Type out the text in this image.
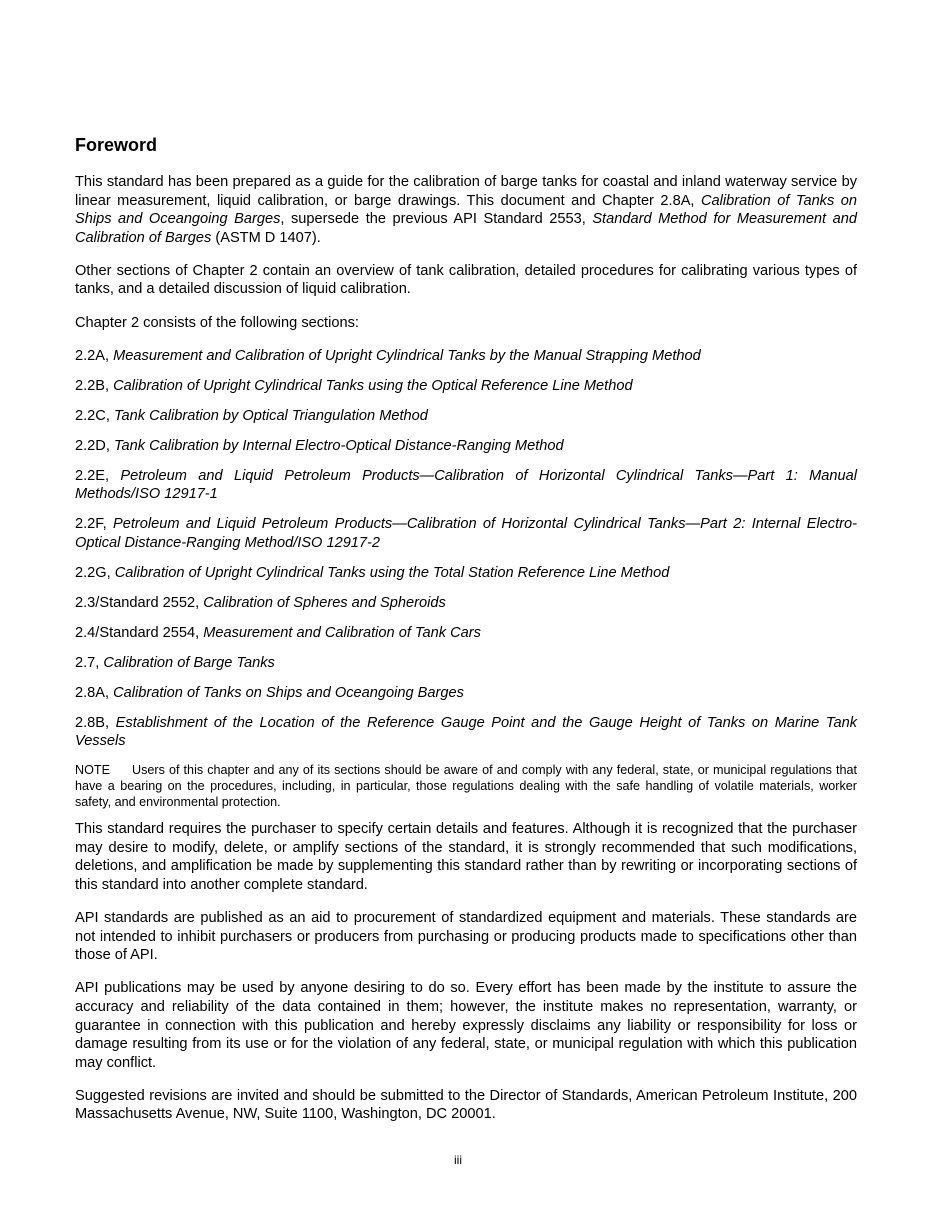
Foreword

This standard has been prepared as a guide for the calibration of barge tanks for coastal and inland waterway service by linear measurement, liquid calibration, or barge drawings. This document and Chapter 2.8A, Calibration of Tanks on Ships and Oceangoing Barges, supersede the previous API Standard 2553, Standard Method for Measurement and Calibration of Barges (ASTM D 1407).

Other sections of Chapter 2 contain an overview of tank calibration, detailed procedures for calibrating various types of tanks, and a detailed discussion of liquid calibration.

Chapter 2 consists of the following sections:

2.2A, Measurement and Calibration of Upright Cylindrical Tanks by the Manual Strapping Method
2.2B, Calibration of Upright Cylindrical Tanks using the Optical Reference Line Method
2.2C, Tank Calibration by Optical Triangulation Method
2.2D, Tank Calibration by Internal Electro-Optical Distance-Ranging Method
2.2E, Petroleum and Liquid Petroleum Products—Calibration of Horizontal Cylindrical Tanks—Part 1: Manual Methods/ISO 12917-1
2.2F, Petroleum and Liquid Petroleum Products—Calibration of Horizontal Cylindrical Tanks—Part 2: Internal Electro-Optical Distance-Ranging Method/ISO 12917-2
2.2G, Calibration of Upright Cylindrical Tanks using the Total Station Reference Line Method
2.3/Standard 2552, Calibration of Spheres and Spheroids
2.4/Standard 2554, Measurement and Calibration of Tank Cars
2.7, Calibration of Barge Tanks
2.8A, Calibration of Tanks on Ships and Oceangoing Barges
2.8B, Establishment of the Location of the Reference Gauge Point and the Gauge Height of Tanks on Marine Tank Vessels
NOTE Users of this chapter and any of its sections should be aware of and comply with any federal, state, or municipal regulations that have a bearing on the procedures, including, in particular, those regulations dealing with the safe handling of volatile materials, worker safety, and environmental protection.

This standard requires the purchaser to specify certain details and features. Although it is recognized that the purchaser may desire to modify, delete, or amplify sections of the standard, it is strongly recommended that such modifications, deletions, and amplification be made by supplementing this standard rather than by rewriting or incorporating sections of this standard into another complete standard.

API standards are published as an aid to procurement of standardized equipment and materials. These standards are not intended to inhibit purchasers or producers from purchasing or producing products made to specifications other than those of API.

API publications may be used by anyone desiring to do so. Every effort has been made by the institute to assure the accuracy and reliability of the data contained in them; however, the institute makes no representation, warranty, or guarantee in connection with this publication and hereby expressly disclaims any liability or responsibility for loss or damage resulting from its use or for the violation of any federal, state, or municipal regulation with which this publication may conflict.

Suggested revisions are invited and should be submitted to the Director of Standards, American Petroleum Institute, 200 Massachusetts Avenue, NW, Suite 1100, Washington, DC 20001.

iii
